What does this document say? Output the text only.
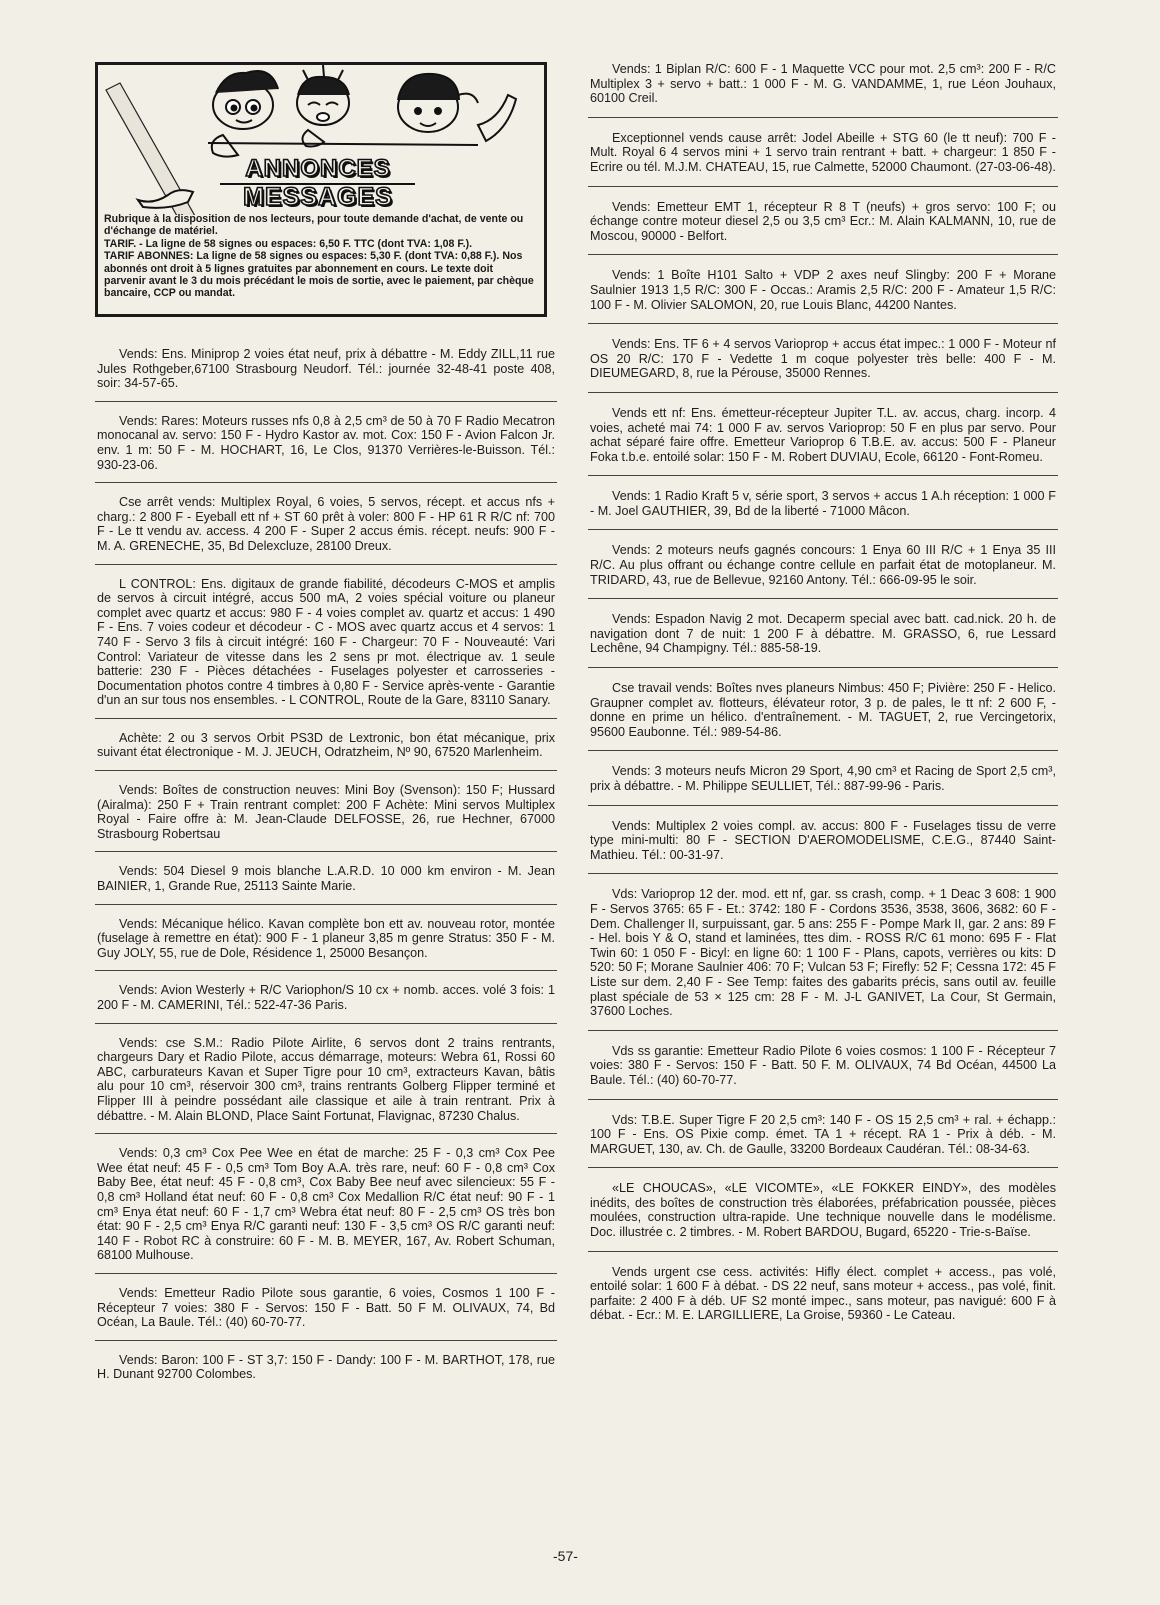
ANNONCES
MESSAGES

Rubrique à la disposition de nos lecteurs, pour toute demande d'achat, de vente ou d'échange de matériel.

TARIF. - La ligne de 58 signes ou espaces: 6,50 F. TTC (dont TVA: 1,08 F.).

TARIF ABONNES: La ligne de 58 signes ou espaces: 5,30 F. (dont TVA: 0,88 F.). Nos abonnés ont droit à 5 lignes gratuites par abonnement en cours. Le texte doit parvenir avant le 3 du mois précédant le mois de sortie, avec le paiement, par chèque bancaire, CCP ou mandat.

Vends: Ens. Miniprop 2 voies état neuf, prix à débattre - M. Eddy ZILL,11 rue Jules Rothgeber,67100 Strasbourg Neudorf. Tél.: journée 32-48-41 poste 408, soir: 34-57-65.

Vends: Rares: Moteurs russes nfs 0,8 à 2,5 cm³ de 50 à 70 F Radio Mecatron monocanal av. servo: 150 F - Hydro Kastor av. mot. Cox: 150 F - Avion Falcon Jr. env. 1 m: 50 F - M. HOCHART, 16, Le Clos, 91370 Verrières-le-Buisson. Tél.: 930-23-06.

Cse arrêt vends: Multiplex Royal, 6 voies, 5 servos, récept. et accus nfs + charg.: 2 800 F - Eyeball ett nf + ST 60 prêt à voler: 800 F - HP 61 R R/C nf: 700 F - Le tt vendu av. access. 4 200 F - Super 2 accus émis. récept. neufs: 900 F - M. A. GRENECHE, 35, Bd Delexcluze, 28100 Dreux.

L CONTROL: Ens. digitaux de grande fiabilité, décodeurs C-MOS et amplis de servos à circuit intégré, accus 500 mA, 2 voies spécial voiture ou planeur complet avec quartz et accus: 980 F - 4 voies complet av. quartz et accus: 1 490 F - Ens. 7 voies codeur et décodeur - C - MOS avec quartz accus et 4 servos: 1 740 F - Servo 3 fils à circuit intégré: 160 F - Chargeur: 70 F - Nouveauté: Vari Control: Variateur de vitesse dans les 2 sens pr mot. électrique av. 1 seule batterie: 230 F - Pièces détachées - Fuselages polyester et carrosseries - Documentation photos contre 4 timbres à 0,80 F - Service après-vente - Garantie d'un an sur tous nos ensembles. - L CONTROL, Route de la Gare, 83110 Sanary.

Achète: 2 ou 3 servos Orbit PS3D de Lextronic, bon état mécanique, prix suivant état électronique - M. J. JEUCH, Odratzheim, Nº 90, 67520 Marlenheim.

Vends: Boîtes de construction neuves: Mini Boy (Svenson): 150 F; Hussard (Airalma): 250 F + Train rentrant complet: 200 F Achète: Mini servos Multiplex Royal - Faire offre à: M. Jean-Claude DELFOSSE, 26, rue Hechner, 67000 Strasbourg Robertsau

Vends: 504 Diesel 9 mois blanche L.A.R.D. 10 000 km environ - M. Jean BAINIER, 1, Grande Rue, 25113 Sainte Marie.

Vends: Mécanique hélico. Kavan complète bon ett av. nouveau rotor, montée (fuselage à remettre en état): 900 F - 1 planeur 3,85 m genre Stratus: 350 F - M. Guy JOLY, 55, rue de Dole, Résidence 1, 25000 Besançon.

Vends: Avion Westerly + R/C Variophon/S 10 cx + nomb. acces. volé 3 fois: 1 200 F - M. CAMERINI, Tél.: 522-47-36 Paris.

Vends: cse S.M.: Radio Pilote Airlite, 6 servos dont 2 trains rentrants, chargeurs Dary et Radio Pilote, accus démarrage, moteurs: Webra 61, Rossi 60 ABC, carburateurs Kavan et Super Tigre pour 10 cm³, extracteurs Kavan, bâtis alu pour 10 cm³, réservoir 300 cm³, trains rentrants Golberg Flipper terminé et Flipper III à peindre possédant aile classique et aile à train rentrant. Prix à débattre. - M. Alain BLOND, Place Saint Fortunat, Flavignac, 87230 Chalus.

Vends: 0,3 cm³ Cox Pee Wee en état de marche: 25 F - 0,3 cm³ Cox Pee Wee état neuf: 45 F - 0,5 cm³ Tom Boy A.A. très rare, neuf: 60 F - 0,8 cm³ Cox Baby Bee, état neuf: 45 F - 0,8 cm³, Cox Baby Bee neuf avec silencieux: 55 F - 0,8 cm³ Holland état neuf: 60 F - 0,8 cm³ Cox Medallion R/C état neuf: 90 F - 1 cm³ Enya état neuf: 60 F - 1,7 cm³ Webra état neuf: 80 F - 2,5 cm³ OS très bon état: 90 F - 2,5 cm³ Enya R/C garanti neuf: 130 F - 3,5 cm³ OS R/C garanti neuf: 140 F - Robot RC à construire: 60 F - M. B. MEYER, 167, Av. Robert Schuman, 68100 Mulhouse.

Vends: Emetteur Radio Pilote sous garantie, 6 voies, Cosmos 1 100 F - Récepteur 7 voies: 380 F - Servos: 150 F - Batt. 50 F M. OLIVAUX, 74, Bd Océan, La Baule. Tél.: (40) 60-70-77.

Vends: Baron: 100 F - ST 3,7: 150 F - Dandy: 100 F - M. BARTHOT, 178, rue H. Dunant 92700 Colombes.

Vends: 1 Biplan R/C: 600 F - 1 Maquette VCC pour mot. 2,5 cm³: 200 F - R/C Multiplex 3 + servo + batt.: 1 000 F - M. G. VANDAMME, 1, rue Léon Jouhaux, 60100 Creil.

Exceptionnel vends cause arrêt: Jodel Abeille + STG 60 (le tt neuf): 700 F - Mult. Royal 6 4 servos mini + 1 servo train rentrant + batt. + chargeur: 1 850 F - Ecrire ou tél. M.J.M. CHATEAU, 15, rue Calmette, 52000 Chaumont. (27-03-06-48).

Vends: Emetteur EMT 1, récepteur R 8 T (neufs) + gros servo: 100 F; ou échange contre moteur diesel 2,5 ou 3,5 cm³ Ecr.: M. Alain KALMANN, 10, rue de Moscou, 90000 - Belfort.

Vends: 1 Boîte H101 Salto + VDP 2 axes neuf Slingby: 200 F + Morane Saulnier 1913 1,5 R/C: 300 F - Occas.: Aramis 2,5 R/C: 200 F - Amateur 1,5 R/C: 100 F - M. Olivier SALOMON, 20, rue Louis Blanc, 44200 Nantes.

Vends: Ens. TF 6 + 4 servos Varioprop + accus état impec.: 1 000 F - Moteur nf OS 20 R/C: 170 F - Vedette 1 m coque polyester très belle: 400 F - M. DIEUMEGARD, 8, rue la Pérouse, 35000 Rennes.

Vends ett nf: Ens. émetteur-récepteur Jupiter T.L. av. accus, charg. incorp. 4 voies, acheté mai 74: 1 000 F av. servos Varioprop: 50 F en plus par servo. Pour achat séparé faire offre. Emetteur Varioprop 6 T.B.E. av. accus: 500 F - Planeur Foka t.b.e. entoilé solar: 150 F - M. Robert DUVIAU, Ecole, 66120 - Font-Romeu.

Vends: 1 Radio Kraft 5 v, série sport, 3 servos + accus 1 A.h réception: 1 000 F - M. Joel GAUTHIER, 39, Bd de la liberté - 71000 Mâcon.

Vends: 2 moteurs neufs gagnés concours: 1 Enya 60 III R/C + 1 Enya 35 III R/C. Au plus offrant ou échange contre cellule en parfait état de motoplaneur. M. TRIDARD, 43, rue de Bellevue, 92160 Antony. Tél.: 666-09-95 le soir.

Vends: Espadon Navig 2 mot. Decaperm special avec batt. cad.nick. 20 h. de navigation dont 7 de nuit: 1 200 F à débattre. M. GRASSO, 6, rue Lessard Lechêne, 94 Champigny. Tél.: 885-58-19.

Cse travail vends: Boîtes nves planeurs Nimbus: 450 F; Pivière: 250 F - Helico. Graupner complet av. flotteurs, élévateur rotor, 3 p. de pales, le tt nf: 2 600 F, - donne en prime un hélico. d'entraînement. - M. TAGUET, 2, rue Vercingetorix, 95600 Eaubonne. Tél.: 989-54-86.

Vends: 3 moteurs neufs Micron 29 Sport, 4,90 cm³ et Racing de Sport 2,5 cm³, prix à débattre. - M. Philippe SEULLIET, Tél.: 887-99-96 - Paris.

Vends: Multiplex 2 voies compl. av. accus: 800 F - Fuselages tissu de verre type mini-multi: 80 F - SECTION D'AEROMODELISME, C.E.G., 87440 Saint-Mathieu. Tél.: 00-31-97.

Vds: Varioprop 12 der. mod. ett nf, gar. ss crash, comp. + 1 Deac 3 608: 1 900 F - Servos 3765: 65 F - Et.: 3742: 180 F - Cordons 3536, 3538, 3606, 3682: 60 F - Dem. Challenger II, surpuissant, gar. 5 ans: 255 F - Pompe Mark II, gar. 2 ans: 89 F - Hel. bois Y & O, stand et laminées, ttes dim. - ROSS R/C 61 mono: 695 F - Flat Twin 60: 1 050 F - Bicyl: en ligne 60: 1 100 F - Plans, capots, verrières ou kits: D 520: 50 F; Morane Saulnier 406: 70 F; Vulcan 53 F; Firefly: 52 F; Cessna 172: 45 F Liste sur dem. 2,40 F - See Temp: faites des gabarits précis, sans outil av. feuille plast spéciale de 53 × 125 cm: 28 F - M. J-L GANIVET, La Cour, St Germain, 37600 Loches.

Vds ss garantie: Emetteur Radio Pilote 6 voies cosmos: 1 100 F - Récepteur 7 voies: 380 F - Servos: 150 F - Batt. 50 F. M. OLIVAUX, 74 Bd Océan, 44500 La Baule. Tél.: (40) 60-70-77.

Vds: T.B.E. Super Tigre F 20 2,5 cm³: 140 F - OS 15 2,5 cm³ + ral. + échapp.: 100 F - Ens. OS Pixie comp. émet. TA 1 + récept. RA 1 - Prix à déb. - M. MARGUET, 130, av. Ch. de Gaulle, 33200 Bordeaux Caudéran. Tél.: 08-34-63.

«LE CHOUCAS», «LE VICOMTE», «LE FOKKER EINDY», des modèles inédits, des boîtes de construction très élaborées, préfabrication poussée, pièces moulées, construction ultra-rapide. Une technique nouvelle dans le modélisme. Doc. illustrée c. 2 timbres. - M. Robert BARDOU, Bugard, 65220 - Trie-s-Baïse.

Vends urgent cse cess. activités: Hifly élect. complet + access., pas volé, entoilé solar: 1 600 F à débat. - DS 22 neuf, sans moteur + access., pas volé, finit. parfaite: 2 400 F à déb. UF S2 monté impec., sans moteur, pas navigué: 600 F à débat. - Ecr.: M. E. LARGILLIERE, La Groise, 59360 - Le Cateau.

-57-
